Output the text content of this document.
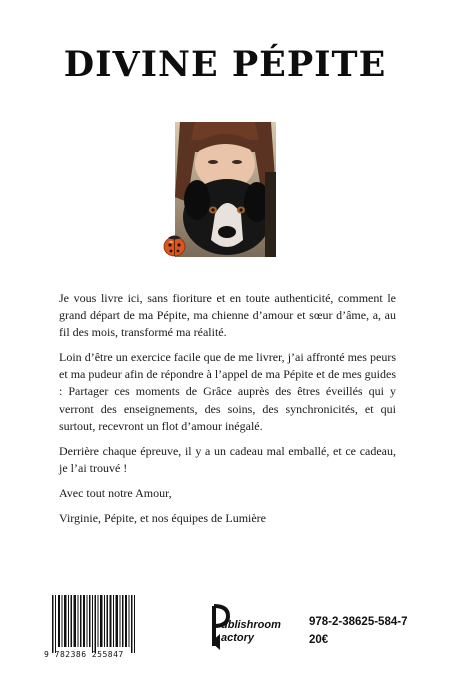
DIVINE PÉPITE

Je vous livre ici, sans fioriture et en toute authenticité, comment le grand départ de ma Pépite, ma chienne d’amour et sœur d’âme, a, au fil des mois, transformé ma réalité.

Loin d’être un exercice facile que de me livrer, j’ai affronté mes peurs et ma pudeur afin de répondre à l’appel de ma Pépite et de mes guides : Partager ces moments de Grâce auprès des êtres éveillés qui y verront des enseignements, des soins, des synchronicités, et qui surtout, recevront un flot d’amour inégalé.

Derrière chaque épreuve, il y a un cadeau mal emballé, et ce cadeau, je l’ai trouvé !

Avec tout notre Amour,

Virginie, Pépite, et nos équipes de Lumière

9 782386 255847
ublishroom
actory
978-2-38625-584-7
20€
